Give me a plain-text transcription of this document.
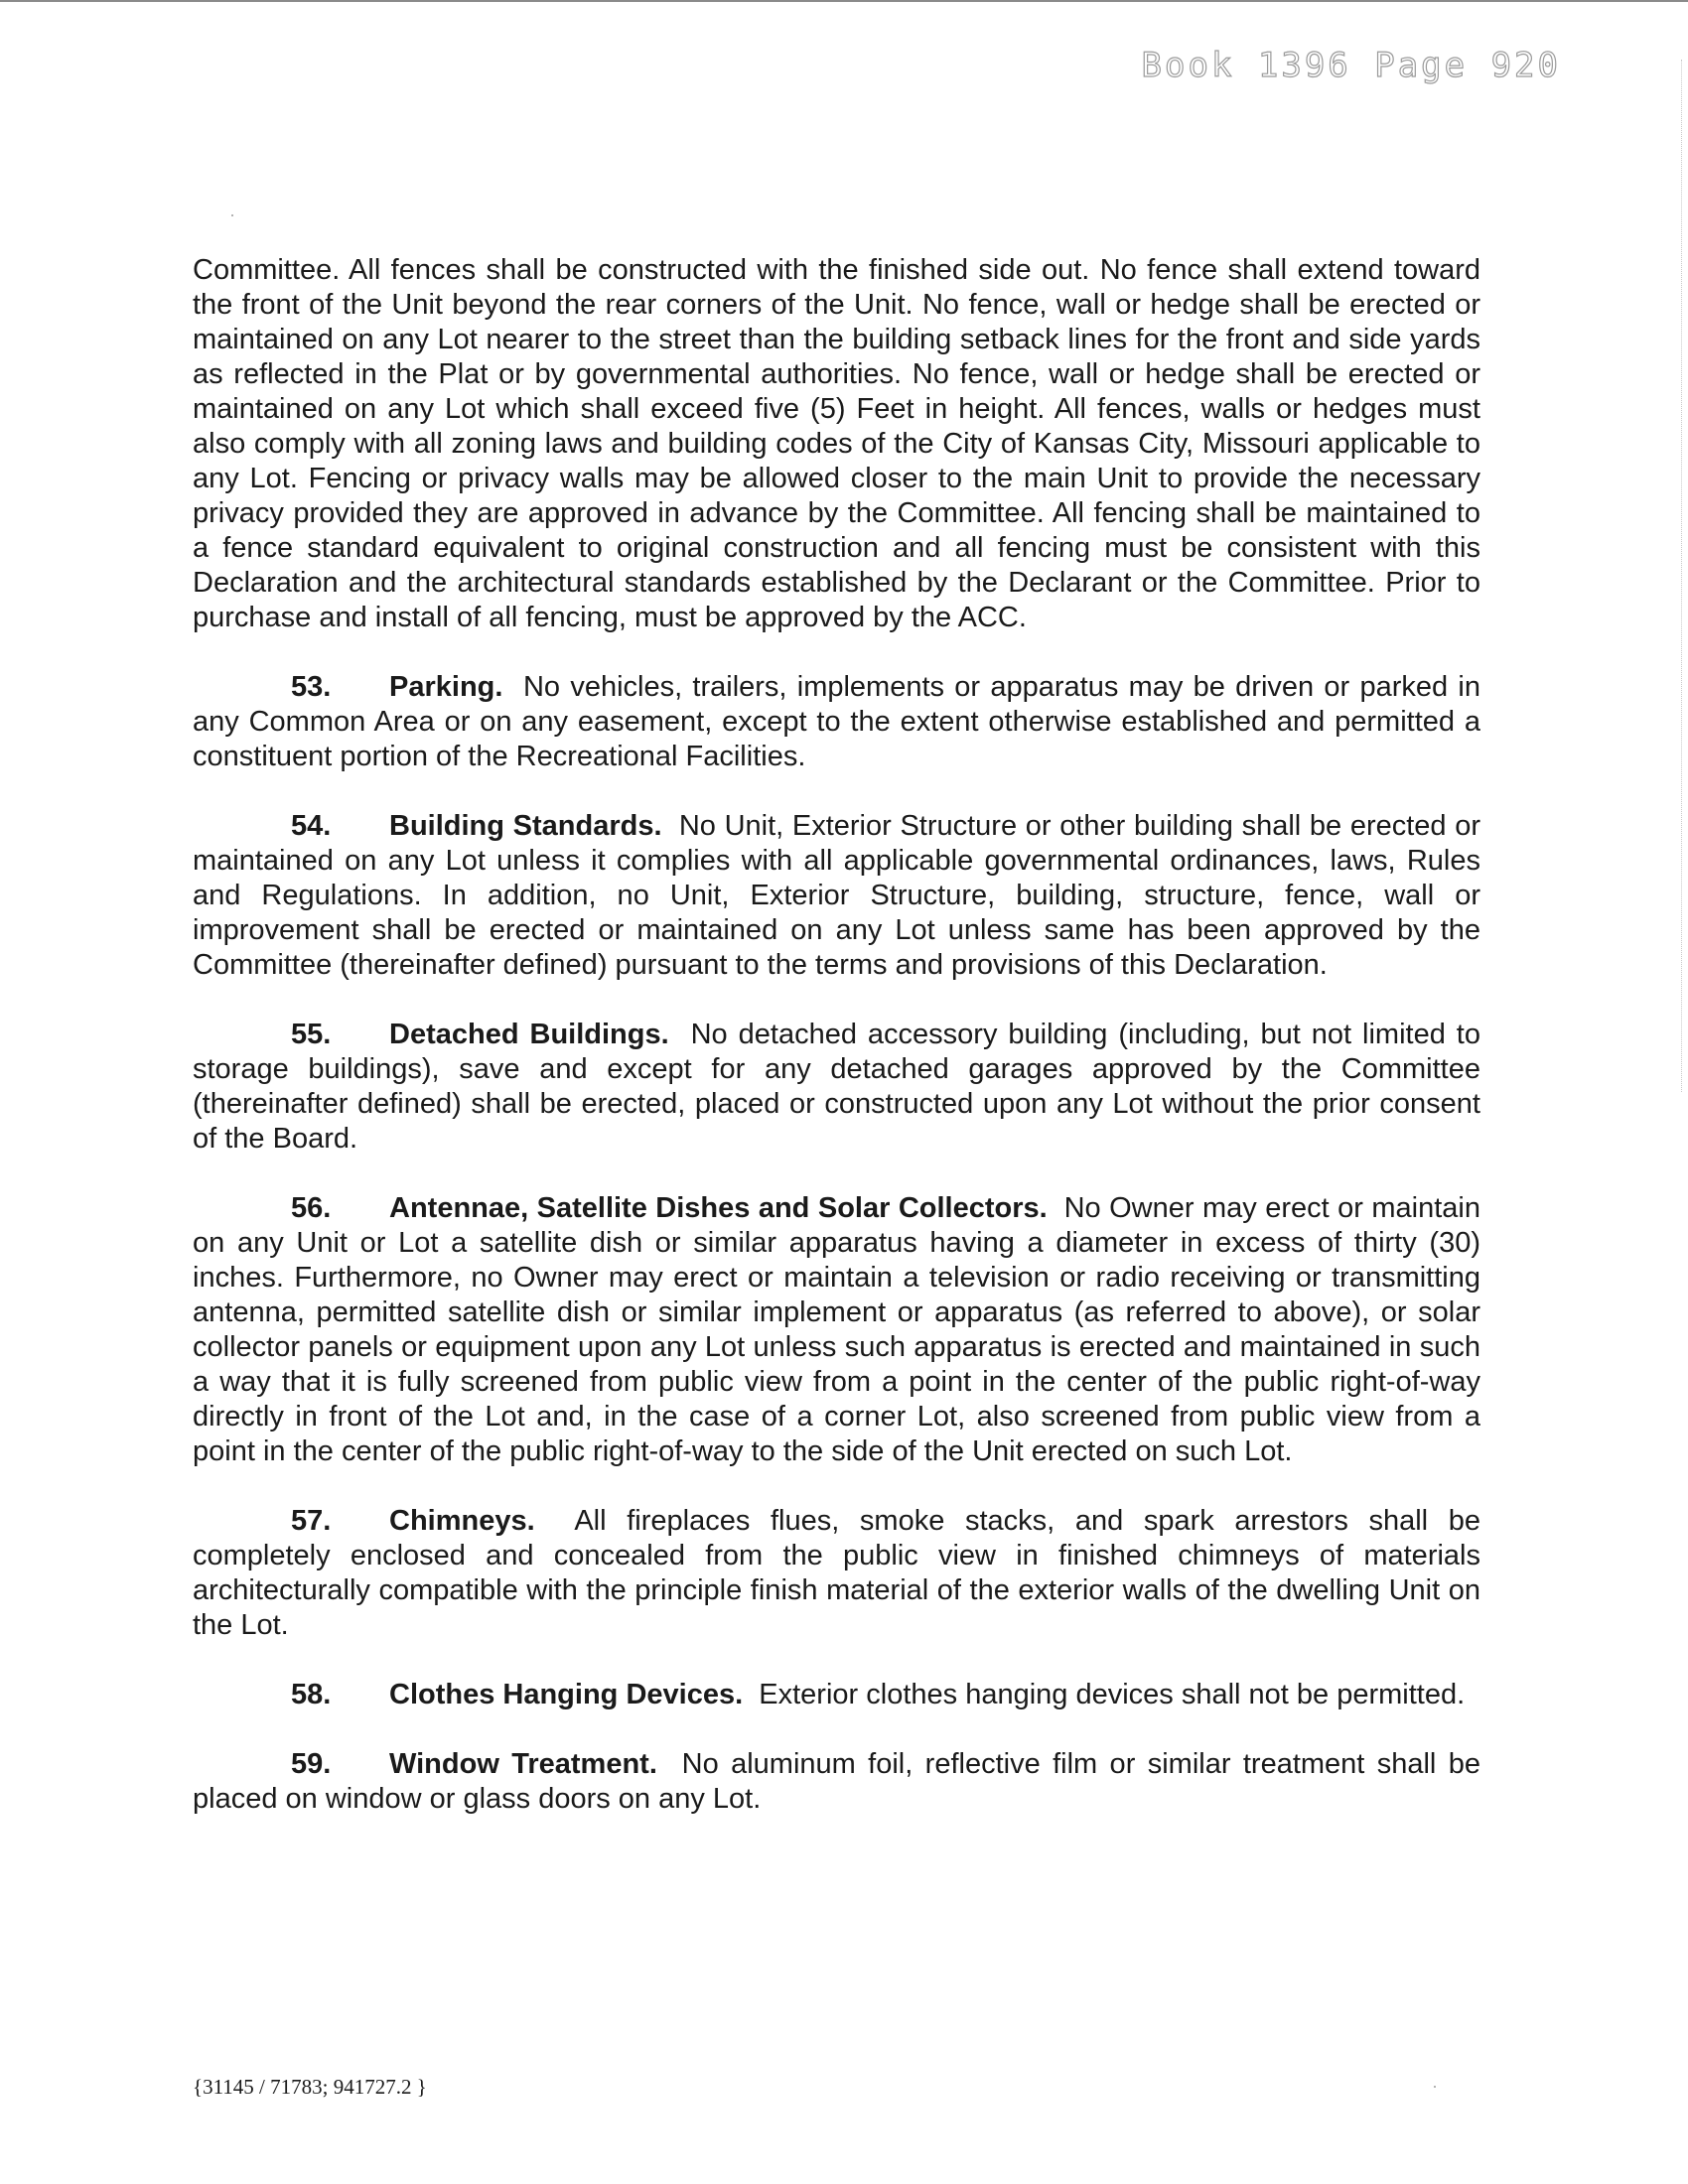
Book 1396 Page 920

Committee. All fences shall be constructed with the finished side out. No fence shall extend toward the front of the Unit beyond the rear corners of the Unit. No fence, wall or hedge shall be erected or maintained on any Lot nearer to the street than the building setback lines for the front and side yards as reflected in the Plat or by governmental authorities. No fence, wall or hedge shall be erected or maintained on any Lot which shall exceed five (5) Feet in height. All fences, walls or hedges must also comply with all zoning laws and building codes of the City of Kansas City, Missouri applicable to any Lot. Fencing or privacy walls may be allowed closer to the main Unit to provide the necessary privacy provided they are approved in advance by the Committee. All fencing shall be maintained to a fence standard equivalent to original construction and all fencing must be consistent with this Declaration and the architectural standards established by the Declarant or the Committee. Prior to purchase and install of all fencing, must be approved by the ACC.

53. Parking. No vehicles, trailers, implements or apparatus may be driven or parked in any Common Area or on any easement, except to the extent otherwise established and permitted a constituent portion of the Recreational Facilities.

54. Building Standards. No Unit, Exterior Structure or other building shall be erected or maintained on any Lot unless it complies with all applicable governmental ordinances, laws, Rules and Regulations. In addition, no Unit, Exterior Structure, building, structure, fence, wall or improvement shall be erected or maintained on any Lot unless same has been approved by the Committee (thereinafter defined) pursuant to the terms and provisions of this Declaration.

55. Detached Buildings. No detached accessory building (including, but not limited to storage buildings), save and except for any detached garages approved by the Committee (thereinafter defined) shall be erected, placed or constructed upon any Lot without the prior consent of the Board.

56. Antennae, Satellite Dishes and Solar Collectors. No Owner may erect or maintain on any Unit or Lot a satellite dish or similar apparatus having a diameter in excess of thirty (30) inches. Furthermore, no Owner may erect or maintain a television or radio receiving or transmitting antenna, permitted satellite dish or similar implement or apparatus (as referred to above), or solar collector panels or equipment upon any Lot unless such apparatus is erected and maintained in such a way that it is fully screened from public view from a point in the center of the public right-of-way directly in front of the Lot and, in the case of a corner Lot, also screened from public view from a point in the center of the public right-of-way to the side of the Unit erected on such Lot.

57. Chimneys. All fireplaces flues, smoke stacks, and spark arrestors shall be completely enclosed and concealed from the public view in finished chimneys of materials architecturally compatible with the principle finish material of the exterior walls of the dwelling Unit on the Lot.

58. Clothes Hanging Devices. Exterior clothes hanging devices shall not be permitted.

59. Window Treatment. No aluminum foil, reflective film or similar treatment shall be placed on window or glass doors on any Lot.

{31145 / 71783; 941727.2 }
